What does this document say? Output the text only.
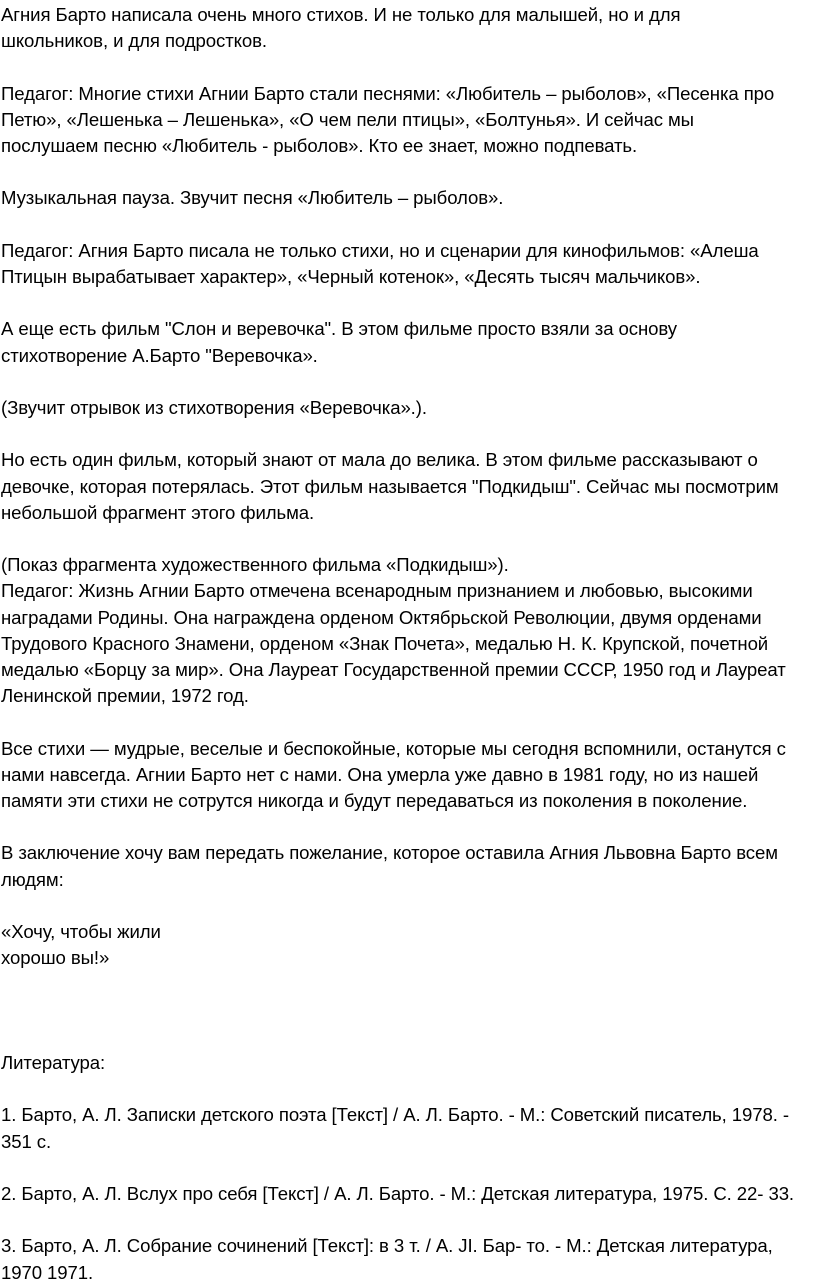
Агния Барто написала очень много стихов. И не только для малышей, но и для
школьников, и для подростков.

Педагог: Многие стихи Агнии Барто стали песнями: «Любитель – рыболов», «Песенка про
Петю», «Лешенька – Лешенька», «О чем пели птицы», «Болтунья». И сейчас мы
послушаем песню «Любитель - рыболов». Кто ее знает, можно подпевать.

Музыкальная пауза. Звучит песня «Любитель – рыболов».

Педагог: Агния Барто писала не только стихи, но и сценарии для кинофильмов: «Алеша
Птицын вырабатывает характер», «Черный котенок», «Десять тысяч мальчиков».

А еще есть фильм "Слон и веревочка". В этом фильме просто взяли за основу
стихотворение А.Барто "Веревочка».

(Звучит отрывок из стихотворения «Веревочка».).

Но есть один фильм, который знают от мала до велика. В этом фильме рассказывают о
девочке, которая потерялась. Этот фильм называется "Подкидыш". Сейчас мы посмотрим
небольшой фрагмент этого фильма.

(Показ фрагмента художественного фильма «Подкидыш»).

Педагог: Жизнь Агнии Барто отмечена всенародным признанием и любовью, высокими
наградами Родины. Она награждена орденом Октябрьской Революции, двумя орденами
Трудового Красного Знамени, орденом «Знак Почета», медалью Н. К. Крупской, почетной
медалью «Борцу за мир». Она Лауреат Государственной премии СССР, 1950 год и Лауреат
Ленинской премии, 1972 год.

Все стихи — мудрые, веселые и беспокойные, которые мы сегодня вспомнили, останутся с
нами навсегда. Агнии Барто нет с нами. Она умерла уже давно в 1981 году, но из нашей
памяти эти стихи не сотрутся никогда и будут передаваться из поколения в поколение.

В заключение хочу вам передать пожелание, которое оставила Агния Львовна Барто всем
людям:

«Хочу, чтобы жили
хорошо вы!»

Литература:

1. Барто, А. Л. Записки детского поэта [Текст] / А. Л. Барто. - М.: Советский писатель, 1978. -
351 с.

2. Барто, А. Л. Вслух про себя [Текст] / А. Л. Барто. - М.: Детская литература, 1975. С. 22- 33.

3. Барто, А. Л. Собрание сочинений [Текст]: в 3 т. / А. JI. Бар- то. - М.: Детская литература,
1970 1971.
